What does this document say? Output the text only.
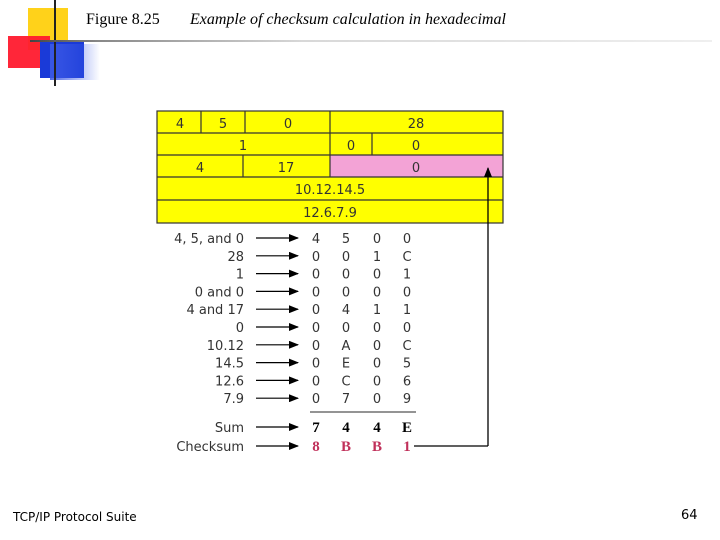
Figure 8.25 Example of checksum calculation in hexadecimal
4	5	0	28
1	0	0
4	17	0
10.12.14.5
12.6.7.9
4, 5, and 0	4 5 0 0
28	0 0 1 C
1	0 0 0 1
0 and 0	0 0 0 0
4 and 17	0 4 1 1
0	0 0 0 0
10.12	0 A 0 C
14.5	0 E 0 5
12.6	0 C 0 6
7.9	0 7 0 9
Sum	7 4 4 E
Checksum	8 B B 1
TCP/IP Protocol Suite	64
